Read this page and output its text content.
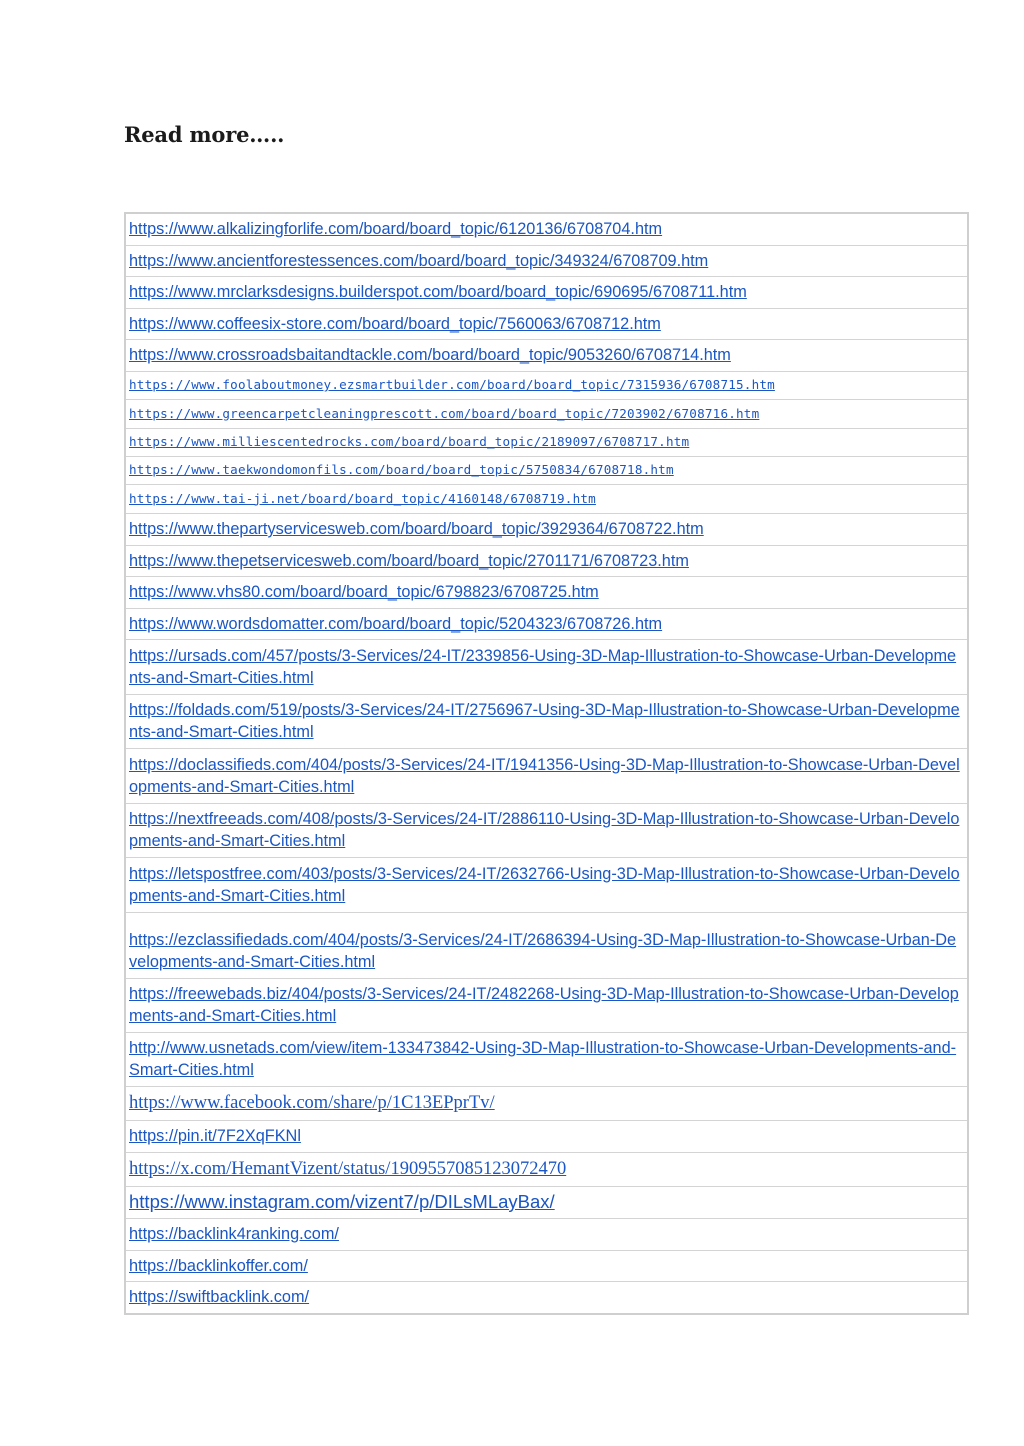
Read more…..
https://www.alkalizingforlife.com/board/board_topic/6120136/6708704.htm
https://www.ancientforestessences.com/board/board_topic/349324/6708709.htm
https://www.mrclarksdesigns.builderspot.com/board/board_topic/690695/6708711.htm
https://www.coffeesix-store.com/board/board_topic/7560063/6708712.htm
https://www.crossroadsbaitandtackle.com/board/board_topic/9053260/6708714.htm
https://www.foolaboutmoney.ezsmartbuilder.com/board/board_topic/7315936/6708715.htm
https://www.greencarpetcleaningprescott.com/board/board_topic/7203902/6708716.htm
https://www.milliescentedrocks.com/board/board_topic/2189097/6708717.htm
https://www.taekwondomonfils.com/board/board_topic/5750834/6708718.htm
https://www.tai-ji.net/board/board_topic/4160148/6708719.htm
https://www.thepartyservicesweb.com/board/board_topic/3929364/6708722.htm
https://www.thepetservicesweb.com/board/board_topic/2701171/6708723.htm
https://www.vhs80.com/board/board_topic/6798823/6708725.htm
https://www.wordsdomatter.com/board/board_topic/5204323/6708726.htm
https://ursads.com/457/posts/3-Services/24-IT/2339856-Using-3D-Map-Illustration-to-Showcase-Urban-Developments-and-Smart-Cities.html
https://foldads.com/519/posts/3-Services/24-IT/2756967-Using-3D-Map-Illustration-to-Showcase-Urban-Developments-and-Smart-Cities.html
https://doclassifieds.com/404/posts/3-Services/24-IT/1941356-Using-3D-Map-Illustration-to-Showcase-Urban-Developments-and-Smart-Cities.html
https://nextfreeads.com/408/posts/3-Services/24-IT/2886110-Using-3D-Map-Illustration-to-Showcase-Urban-Developments-and-Smart-Cities.html
https://letspostfree.com/403/posts/3-Services/24-IT/2632766-Using-3D-Map-Illustration-to-Showcase-Urban-Developments-and-Smart-Cities.html
https://ezclassifiedads.com/404/posts/3-Services/24-IT/2686394-Using-3D-Map-Illustration-to-Showcase-Urban-Developments-and-Smart-Cities.html
https://freewebads.biz/404/posts/3-Services/24-IT/2482268-Using-3D-Map-Illustration-to-Showcase-Urban-Developments-and-Smart-Cities.html
http://www.usnetads.com/view/item-133473842-Using-3D-Map-Illustration-to-Showcase-Urban-Developments-and-Smart-Cities.html
https://www.facebook.com/share/p/1C13EPprTv/
https://pin.it/7F2XqFKNl
https://x.com/HemantVizent/status/1909557085123072470
https://www.instagram.com/vizent7/p/DILsMLayBax/
https://backlink4ranking.com/
https://backlinkoffer.com/
https://swiftbacklink.com/
